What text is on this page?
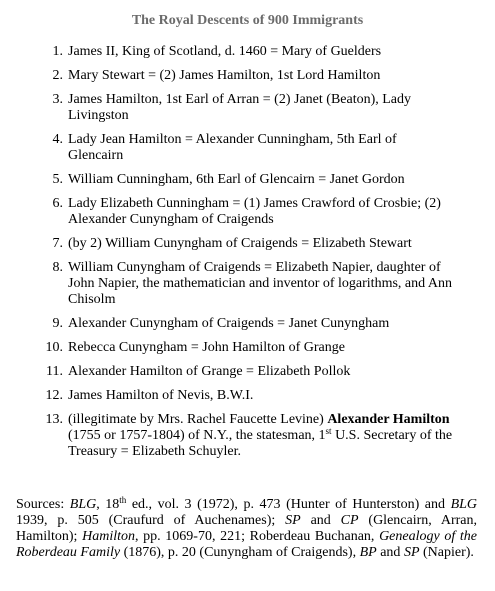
The Royal Descents of 900 Immigrants
1. James II, King of Scotland, d. 1460 = Mary of Guelders
2. Mary Stewart = (2) James Hamilton, 1st Lord Hamilton
3. James Hamilton, 1st Earl of Arran = (2) Janet (Beaton), Lady Livingston
4. Lady Jean Hamilton = Alexander Cunningham, 5th Earl of Glencairn
5. William Cunningham, 6th Earl of Glencairn = Janet Gordon
6. Lady Elizabeth Cunningham = (1) James Crawford of Crosbie; (2) Alexander Cunyngham of Craigends
7. (by 2) William Cunyngham of Craigends = Elizabeth Stewart
8. William Cunyngham of Craigends = Elizabeth Napier, daughter of John Napier, the mathematician and inventor of logarithms, and Ann Chisolm
9. Alexander Cunyngham of Craigends = Janet Cunyngham
10. Rebecca Cunyngham = John Hamilton of Grange
11. Alexander Hamilton of Grange = Elizabeth Pollok
12. James Hamilton of Nevis, B.W.I.
13. (illegitimate by Mrs. Rachel Faucette Levine) Alexander Hamilton (1755 or 1757-1804) of N.Y., the statesman, 1st U.S. Secretary of the Treasury = Elizabeth Schuyler.

Sources: BLG, 18th ed., vol. 3 (1972), p. 473 (Hunter of Hunterston) and BLG 1939, p. 505 (Craufurd of Auchenames); SP and CP (Glencairn, Arran, Hamilton); Hamilton, pp. 1069-70, 221; Roberdeau Buchanan, Genealogy of the Roberdeau Family (1876), p. 20 (Cunyngham of Craigends), BP and SP (Napier).
